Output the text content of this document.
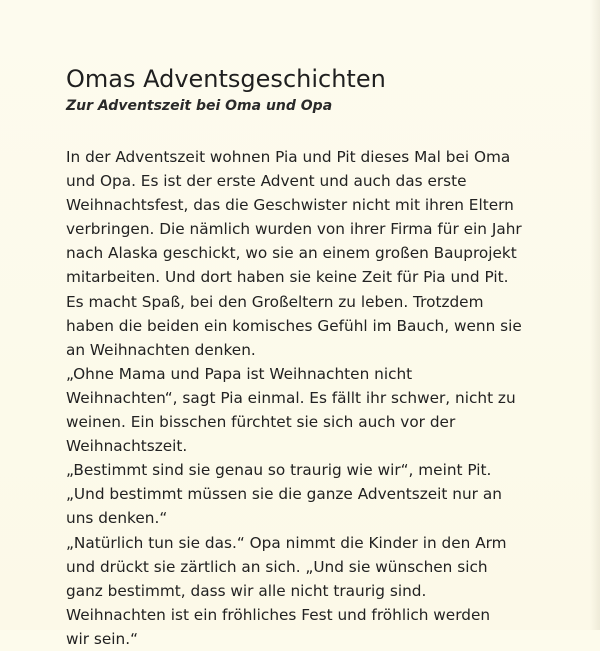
Omas Adventsgeschichten
Zur Adventszeit bei Oma und Opa
In der Adventszeit wohnen Pia und Pit dieses Mal bei Oma
und Opa. Es ist der erste Advent und auch das erste
Weihnachtsfest, das die Geschwister nicht mit ihren Eltern
verbringen. Die nämlich wurden von ihrer Firma für ein Jahr
nach Alaska geschickt, wo sie an einem großen Bauprojekt
mitarbeiten. Und dort haben sie keine Zeit für Pia und Pit.
Es macht Spaß, bei den Großeltern zu leben. Trotzdem
haben die beiden ein komisches Gefühl im Bauch, wenn sie
an Weihnachten denken.
„Ohne Mama und Papa ist Weihnachten nicht
Weihnachten“, sagt Pia einmal. Es fällt ihr schwer, nicht zu
weinen. Ein bisschen fürchtet sie sich auch vor der
Weihnachtszeit.
„Bestimmt sind sie genau so traurig wie wir“, meint Pit.
„Und bestimmt müssen sie die ganze Adventszeit nur an
uns denken.“
„Natürlich tun sie das.“ Opa nimmt die Kinder in den Arm
und drückt sie zärtlich an sich. „Und sie wünschen sich
ganz bestimmt, dass wir alle nicht traurig sind.
Weihnachten ist ein fröhliches Fest und fröhlich werden
wir sein.“
